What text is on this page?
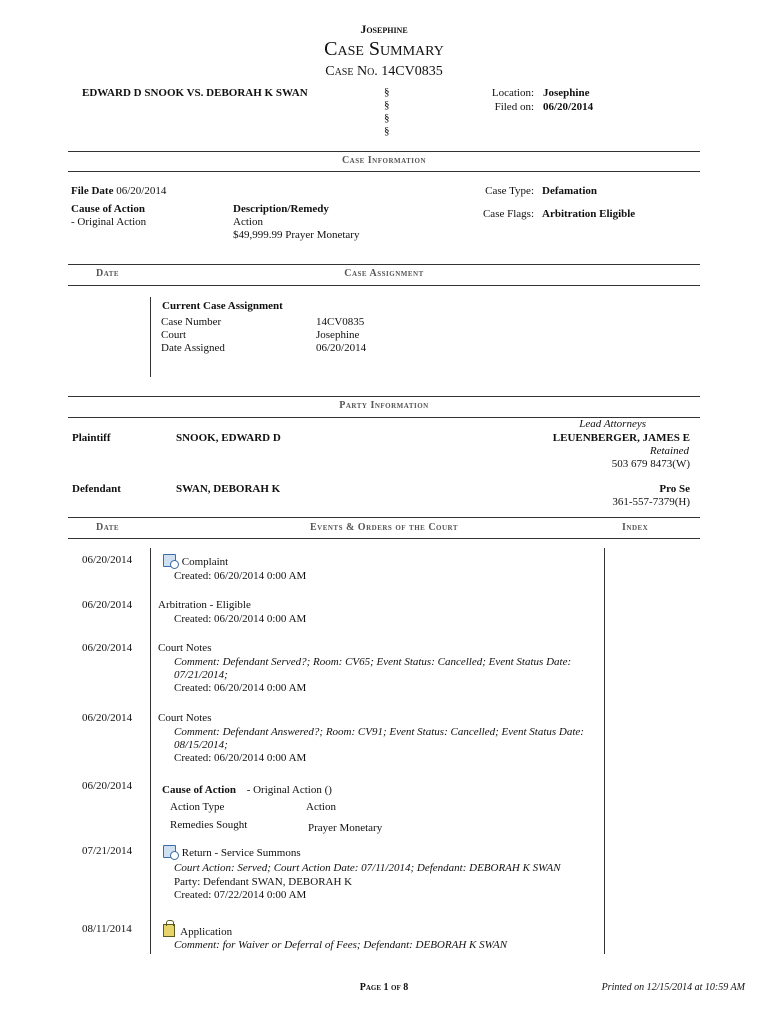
Josephine
Case Summary
Case No. 14CV0835
EDWARD D SNOOK VS. DEBORAH K SWAN	§
§
§
§
Location: Josephine
Filed on: 06/20/2014
Case Information
File Date 06/20/2014
Cause of Action
- Original Action
Description/Remedy
Action
$49,999.99 Prayer Monetary
Case Type: Defamation
Case Flags: Arbitration Eligible
Date	Case Assignment
Current Case Assignment
Case Number	14CV0835
Court	Josephine
Date Assigned	06/20/2014
Party Information
Lead Attorneys
Plaintiff	SNOOK, EDWARD D	LEUENBERGER, JAMES E
Retained
503 679 8473(W)
Defendant	SWAN, DEBORAH K	Pro Se
361-557-7379(H)
Date	Events & Orders of the Court	Index
06/20/2014	Complaint
Created: 06/20/2014 0:00 AM
06/20/2014 Arbitration - Eligible
Created: 06/20/2014 0:00 AM
06/20/2014 Court Notes
Comment: Defendant Served?; Room: CV65; Event Status: Cancelled; Event Status Date:
07/21/2014;
Created: 06/20/2014 0:00 AM
06/20/2014 Court Notes
Comment: Defendant Answered?; Room: CV91; Event Status: Cancelled; Event Status Date:
08/15/2014;
Created: 06/20/2014 0:00 AM
06/20/2014	Cause of Action - Original Action ()
Action Type	Action
Remedies Sought	Prayer Monetary
07/21/2014	Return - Service Summons
Court Action: Served; Court Action Date: 07/11/2014; Defendant: DEBORAH K SWAN
Party: Defendant SWAN, DEBORAH K
Created: 07/22/2014 0:00 AM
08/11/2014	Application
Comment: for Waiver or Deferral of Fees; Defendant: DEBORAH K SWAN
Page 1 of 8	Printed on 12/15/2014 at 10:59 AM
